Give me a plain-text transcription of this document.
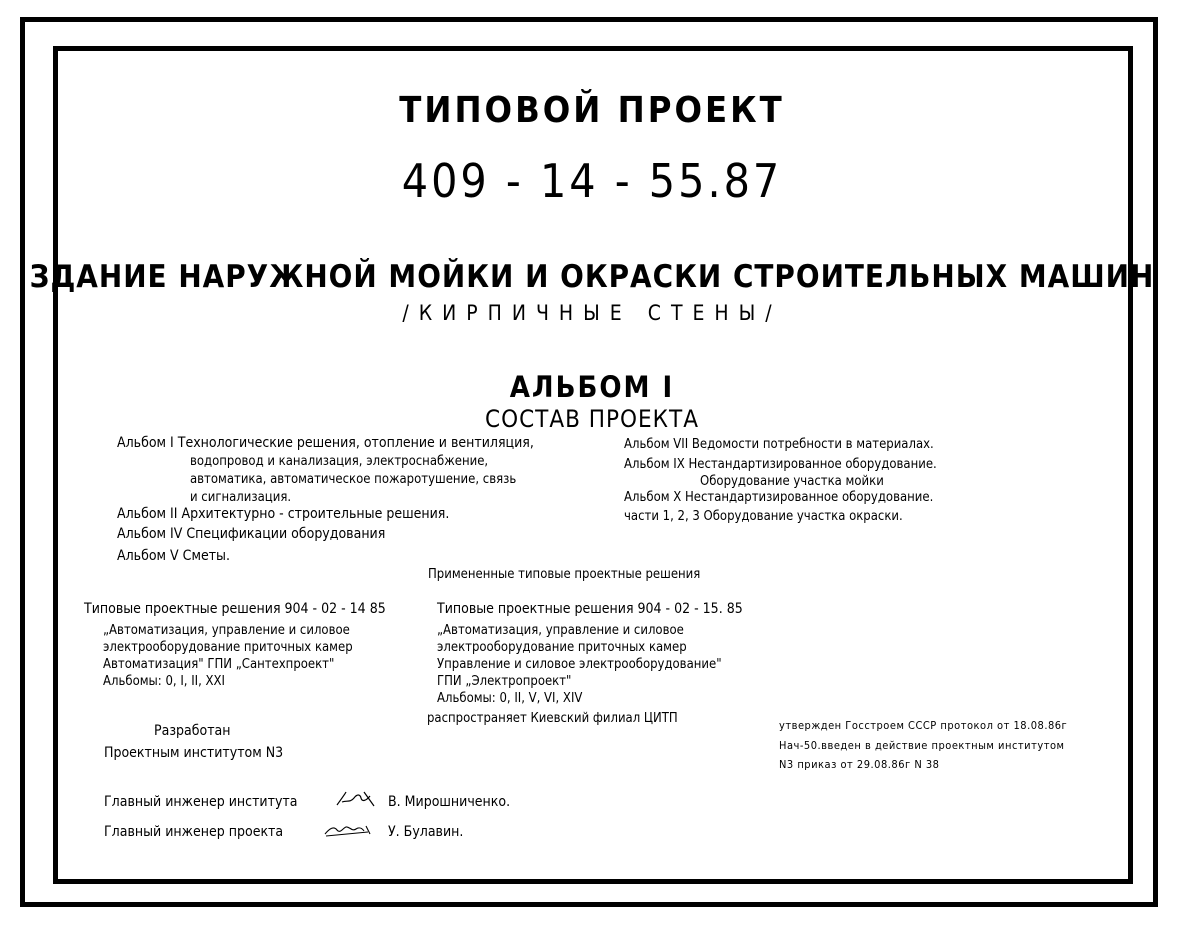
ТИПОВОЙ ПРОЕКТ
409 - 14 - 55.87
ЗДАНИЕ НАРУЖНОЙ МОЙКИ И ОКРАСКИ СТРОИТЕЛЬНЫХ МАШИН
/КИРПИЧНЫЕ СТЕНЫ/
АЛЬБОМ I
СОСТАВ ПРОЕКТА
Альбом I Технологические решения, отопление и вентиляция,
водопровод и канализация, электроснабжение,
автоматика, автоматическое пожаротушение, связь
и сигнализация.
Альбом II Архитектурно - строительные решения.
Альбом IV Спецификации оборудования
Альбом V Сметы.
Альбом VII Ведомости потребности в материалах.
Альбом IX Нестандартизированное оборудование.
Оборудование участка мойки
Альбом X Нестандартизированное оборудование.
части 1, 2, 3 Оборудование участка окраски.
Примененные типовые проектные решения
Типовые проектные решения 904 - 02 - 14 85
„Автоматизация, управление и силовое
электрооборудование приточных камер
Автоматизация" ГПИ „Сантехпроект"
Альбомы: 0, I, II, XXI
Типовые проектные решения 904 - 02 - 15. 85
„Автоматизация, управление и силовое
электрооборудование приточных камер
Управление и силовое электрооборудование"
ГПИ „Электропроект"
Альбомы: 0, II, V, VI, XIV
распространяет Киевский филиал ЦИТП
Разработан
Проектным институтом N3
утвержден Госстроем СССР протокол от 18.08.86г
Нач-50.введен в действие проектным институтом
N3 приказ от 29.08.86г N 38
Главный инженер института	В. Мирошниченко.
Главный инженер проекта	У. Булавин.
